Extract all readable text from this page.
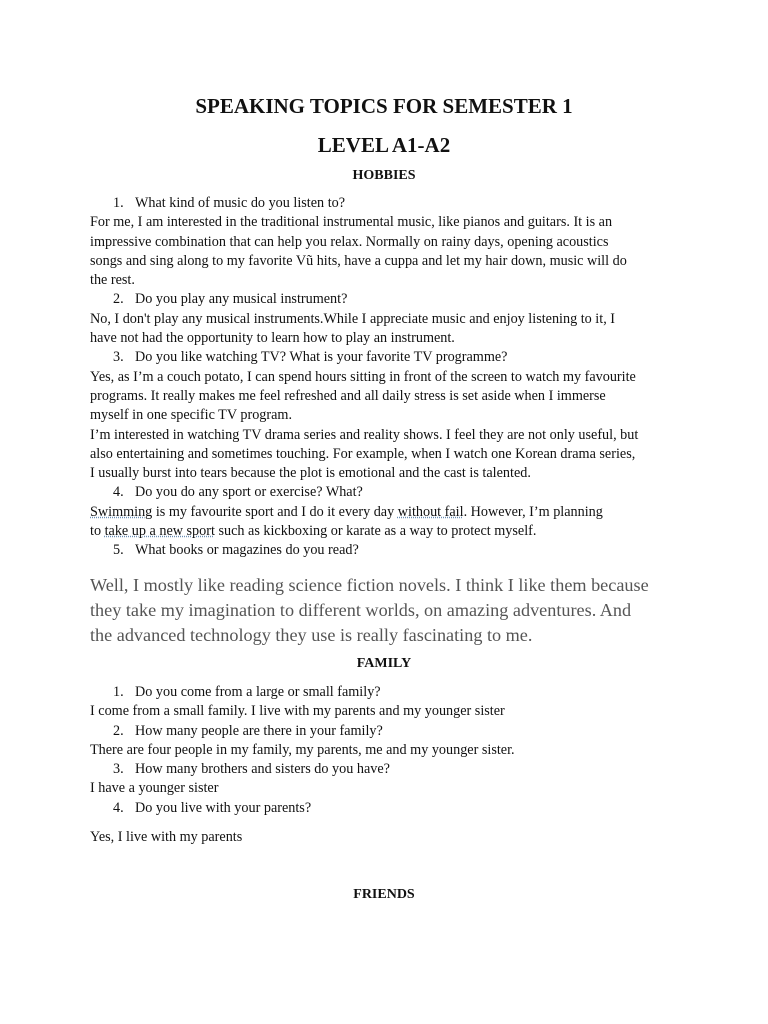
SPEAKING TOPICS FOR SEMESTER 1
LEVEL A1-A2
HOBBIES

1. What kind of music do you listen to?

For me, I am interested in the traditional instrumental music, like pianos and guitars. It is an

impressive combination that can help you relax. Normally on rainy days, opening acoustics

songs and sing along to my favorite Vũ hits, have a cuppa and let my hair down, music will do

the rest.

2. Do you play any musical instrument?

No, I don't play any musical instruments.While I appreciate music and enjoy listening to it, I

have not had the opportunity to learn how to play an instrument.

3. Do you like watching TV? What is your favorite TV programme?

Yes, as I’m a couch potato, I can spend hours sitting in front of the screen to watch my favourite

programs. It really makes me feel refreshed and all daily stress is set aside when I immerse

myself in one specific TV program.

I’m interested in watching TV drama series and reality shows. I feel they are not only useful, but

also entertaining and sometimes touching. For example, when I watch one Korean drama series,

I usually burst into tears because the plot is emotional and the cast is talented.

4. Do you do any sport or exercise? What?

Swimming is my favourite sport and I do it every day without fail. However, I’m planning

to take up a new sport such as kickboxing or karate as a way to protect myself.

5. What books or magazines do you read?

Well, I mostly like reading science fiction novels. I think I like them because
they take my imagination to different worlds, on amazing adventures. And
the advanced technology they use is really fascinating to me.
FAMILY

1. Do you come from a large or small family?

I come from a small family. I live with my parents and my younger sister

2. How many people are there in your family?

There are four people in my family, my parents, me and my younger sister.

3. How many brothers and sisters do you have?

I have a younger sister

4. Do you live with your parents?

Yes, I live with my parents

FRIENDS
